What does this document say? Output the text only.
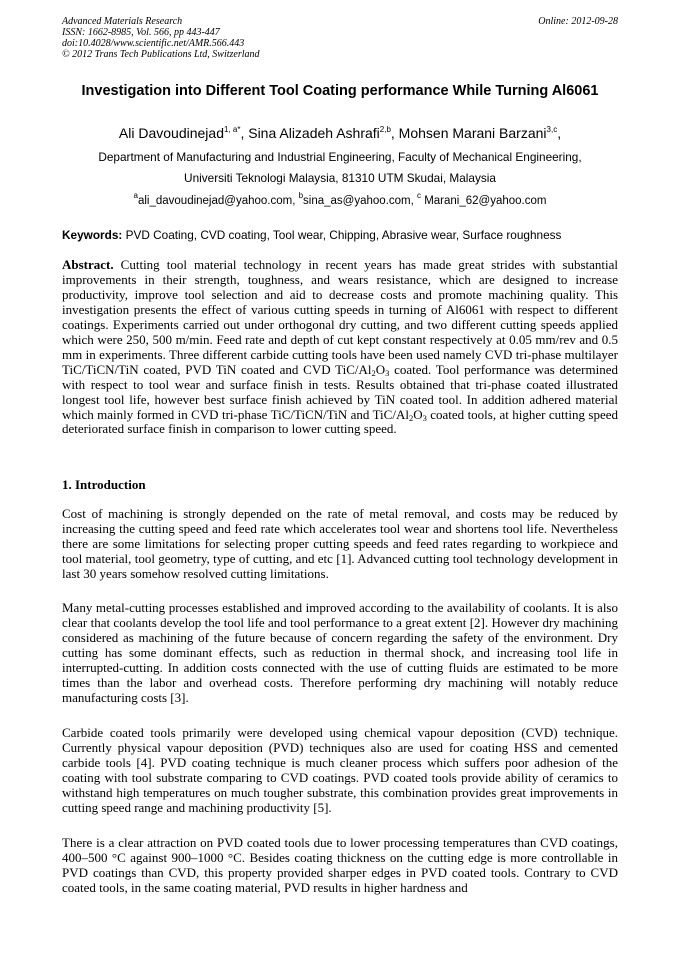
Advanced Materials Research
ISSN: 1662-8985, Vol. 566, pp 443-447
doi:10.4028/www.scientific.net/AMR.566.443
© 2012 Trans Tech Publications Ltd, Switzerland
Online: 2012-09-28
Investigation into Different Tool Coating performance While Turning Al6061
Ali Davoudinejad$^{1, a*}$, Sina Alizadeh Ashrafi$^{2,b}$, Mohsen Marani Barzani$^{3,c}$,
Department of Manufacturing and Industrial Engineering, Faculty of Mechanical Engineering,
Universiti Teknologi Malaysia, 81310 UTM Skudai, Malaysia
$^a$ali_davoudinejad@yahoo.com, $^b$sina_as@yahoo.com, $^c$ Marani_62@yahoo.com
Keywords: PVD Coating, CVD coating, Tool wear, Chipping, Abrasive wear, Surface roughness

Abstract. Cutting tool material technology in recent years has made great strides with substantial improvements in their strength, toughness, and wears resistance, which are designed to increase productivity, improve tool selection and aid to decrease costs and promote machining quality. This investigation presents the effect of various cutting speeds in turning of Al6061 with respect to different coatings. Experiments carried out under orthogonal dry cutting, and two different cutting speeds applied which were 250, 500 m/min. Feed rate and depth of cut kept constant respectively at 0.05 mm/rev and 0.5 mm in experiments. Three different carbide cutting tools have been used namely CVD tri-phase multilayer TiC/TiCN/TiN coated, PVD TiN coated and CVD TiC/$Al_2O_3$ coated. Tool performance was determined with respect to tool wear and surface finish in tests. Results obtained that tri-phase coated illustrated longest tool life, however best surface finish achieved by TiN coated tool. In addition adhered material which mainly formed in CVD tri-phase TiC/TiCN/TiN and TiC/$Al_2O_3$ coated tools, at higher cutting speed deteriorated surface finish in comparison to lower cutting speed.

1. Introduction

Cost of machining is strongly depended on the rate of metal removal, and costs may be reduced by increasing the cutting speed and feed rate which accelerates tool wear and shortens tool life. Nevertheless there are some limitations for selecting proper cutting speeds and feed rates regarding to workpiece and tool material, tool geometry, type of cutting, and etc [1]. Advanced cutting tool technology development in last 30 years somehow resolved cutting limitations.

Many metal-cutting processes established and improved according to the availability of coolants. It is also clear that coolants develop the tool life and tool performance to a great extent [2]. However dry machining considered as machining of the future because of concern regarding the safety of the environment. Dry cutting has some dominant effects, such as reduction in thermal shock, and increasing tool life in interrupted-cutting. In addition costs connected with the use of cutting fluids are estimated to be more times than the labor and overhead costs. Therefore performing dry machining will notably reduce manufacturing costs [3].

Carbide coated tools primarily were developed using chemical vapour deposition (CVD) technique. Currently physical vapour deposition (PVD) techniques also are used for coating HSS and cemented carbide tools [4]. PVD coating technique is much cleaner process which suffers poor adhesion of the coating with tool substrate comparing to CVD coatings. PVD coated tools provide ability of ceramics to withstand high temperatures on much tougher substrate, this combination provides great improvements in cutting speed range and machining productivity [5].

There is a clear attraction on PVD coated tools due to lower processing temperatures than CVD coatings, 400–500 °C against 900–1000 °C. Besides coating thickness on the cutting edge is more controllable in PVD coatings than CVD, this property provided sharper edges in PVD coated tools. Contrary to CVD coated tools, in the same coating material, PVD results in higher hardness and
